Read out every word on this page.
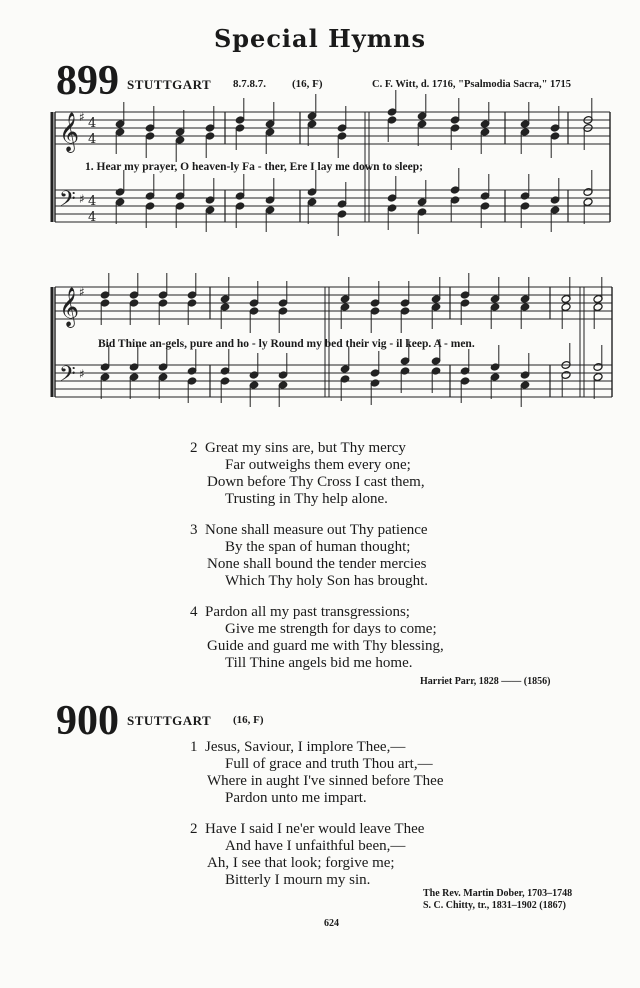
Special Hymns
899 STUTTGART 8.7.8.7. (16, F)	C. F. Witt, d. 1716, "Psalmodia Sacra," 1715
4
4
4
4
𝄞
𝄢
♯
♯
𝄞
𝄢
♯
♯
1. Hear my prayer, O heaven-ly Fa - ther, Ere I lay me down to sleep;
Bid Thine an-gels, pure and ho - ly Round my bed their vig - il keep. A - men.
2 Great my sins are, but Thy mercy
Far outweighs them every one;
Down before Thy Cross I cast them,
Trusting in Thy help alone.
3 None shall measure out Thy patience
By the span of human thought;
None shall bound the tender mercies
Which Thy holy Son has brought.
4 Pardon all my past transgressions;
Give me strength for days to come;
Guide and guard me with Thy blessing,
Till Thine angels bid me home.
Harriet Parr, 1828 —— (1856)
900 STUTTGART (16, F)
1 Jesus, Saviour, I implore Thee,—
Full of grace and truth Thou art,—
Where in aught I've sinned before Thee
Pardon unto me impart.
2 Have I said I ne'er would leave Thee
And have I unfaithful been,—
Ah, I see that look; forgive me;
Bitterly I mourn my sin.
The Rev. Martin Dober, 1703–1748
S. C. Chitty, tr., 1831–1902 (1867)
624
